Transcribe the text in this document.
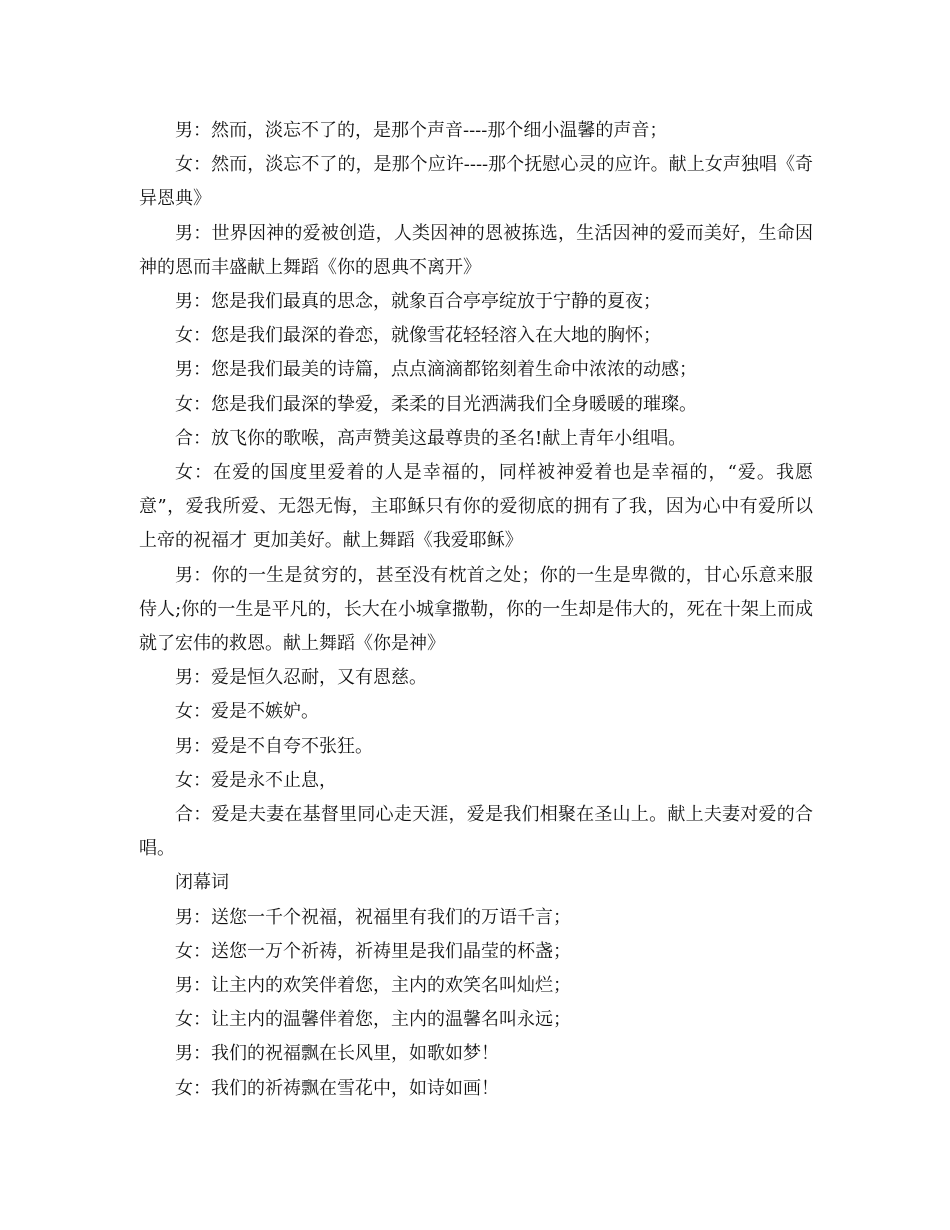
男：然而，淡忘不了的，是那个声音----那个细小温馨的声音；

女：然而，淡忘不了的，是那个应许----那个抚慰心灵的应许。献上女声独唱《奇异恩典》

男：世界因神的爱被创造，人类因神的恩被拣选，生活因神的爱而美好，生命因神的恩而丰盛献上舞蹈《你的恩典不离开》

男：您是我们最真的思念，就象百合亭亭绽放于宁静的夏夜；

女：您是我们最深的眷恋，就像雪花轻轻溶入在大地的胸怀；

男：您是我们最美的诗篇，点点滴滴都铭刻着生命中浓浓的动感；

女：您是我们最深的挚爱，柔柔的目光洒满我们全身暖暖的璀璨。

合：放飞你的歌喉，高声赞美这最尊贵的圣名!献上青年小组唱。

女：在爱的国度里爱着的人是幸福的，同样被神爱着也是幸福的，“爱。我愿意”，爱我所爱、无怨无悔，主耶稣只有你的爱彻底的拥有了我，因为心中有爱所以上帝的祝福才 更加美好。献上舞蹈《我爱耶稣》

男：你的一生是贫穷的，甚至没有枕首之处；你的一生是卑微的，甘心乐意来服侍人;你的一生是平凡的，长大在小城拿撒勒，你的一生却是伟大的，死在十架上而成就了宏伟的救恩。献上舞蹈《你是神》

男：爱是恒久忍耐，又有恩慈。

女：爱是不嫉妒。

男：爱是不自夸不张狂。

女：爱是永不止息，

合：爱是夫妻在基督里同心走天涯，爱是我们相聚在圣山上。献上夫妻对爱的合唱。

闭幕词

男：送您一千个祝福，祝福里有我们的万语千言；

女：送您一万个祈祷，祈祷里是我们晶莹的杯盏；

男：让主内的欢笑伴着您，主内的欢笑名叫灿烂；

女：让主内的温馨伴着您，主内的温馨名叫永远；

男：我们的祝福飘在长风里，如歌如梦！

女：我们的祈祷飘在雪花中，如诗如画！
